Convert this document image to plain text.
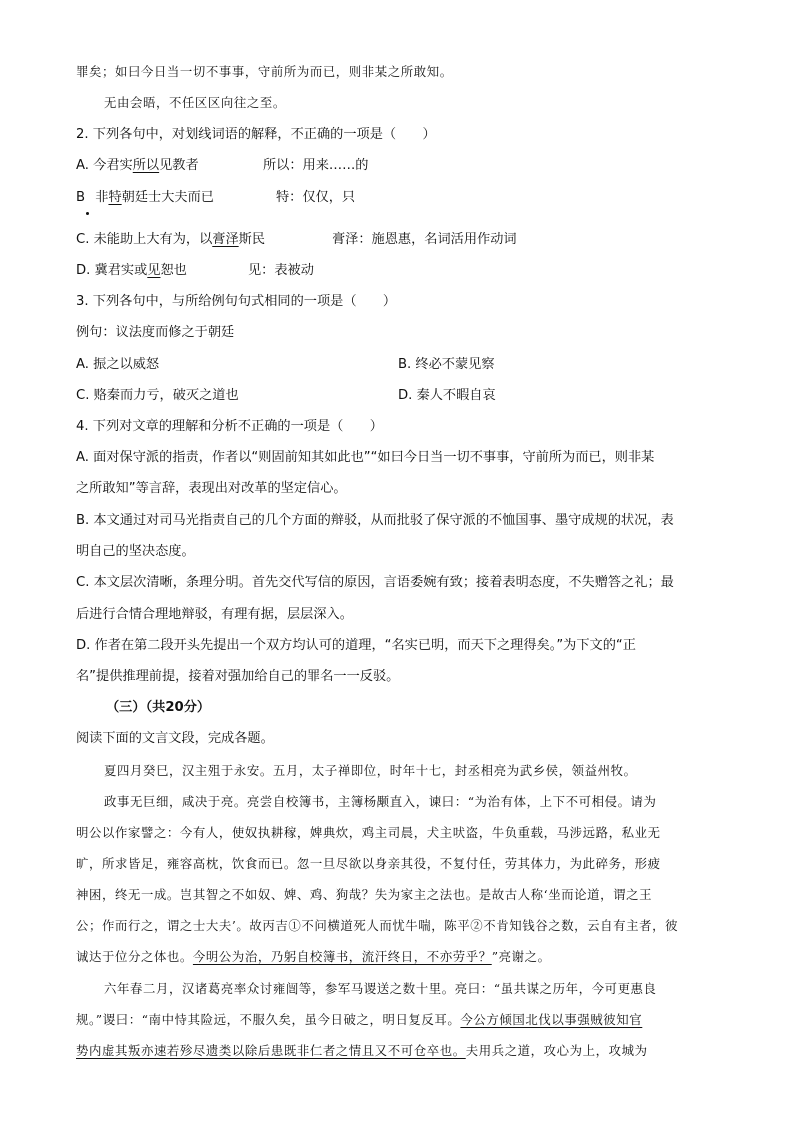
罪矣；如曰今日当一切不事事，守前所为而已，则非某之所敢知。
无由会晤，不任区区向往之至。
2. 下列各句中，对划线词语的解释，不正确的一项是（　　）
A. 今君实所以见教者	所以：用来……的
B 非特朝廷士大夫而已	特：仅仅，只
C. 未能助上大有为，以膏泽斯民	膏泽：施恩惠，名词活用作动词
D. 冀君实或见恕也	见：表被动
3. 下列各句中，与所给例句句式相同的一项是（　　）
例句：议法度而修之于朝廷
A. 振之以威怒	B. 终必不蒙见察
C. 赂秦而力亏，破灭之道也	D. 秦人不暇自哀
4. 下列对文章的理解和分析不正确的一项是（　　）
A. 面对保守派的指责，作者以“则固前知其如此也”“如曰今日当一切不事事，守前所为而已，则非某
之所敢知”等言辞，表现出对改革的坚定信心。
B. 本文通过对司马光指责自己的几个方面的辩驳，从而批驳了保守派的不恤国事、墨守成规的状况，表
明自己的坚决态度。
C. 本文层次清晰，条理分明。首先交代写信的原因，言语委婉有致；接着表明态度，不失赠答之礼；最
后进行合情合理地辩驳，有理有据，层层深入。
D. 作者在第二段开头先提出一个双方均认可的道理，“名实已明，而天下之理得矣。”为下文的“正
名”提供推理前提，接着对强加给自己的罪名一一反驳。
（三）（共20分）
阅读下面的文言文段，完成各题。
夏四月癸巳，汉主殂于永安。五月，太子禅即位，时年十七，封丞相亮为武乡侯，领益州牧。
政事无巨细，咸决于亮。亮尝自校簿书，主簿杨颙直入，谏曰：“为治有体，上下不可相侵。请为
明公以作家譬之：今有人，使奴执耕稼，婢典炊，鸡主司晨，犬主吠盗，牛负重载，马涉远路，私业无
旷，所求皆足，雍容高枕，饮食而已。忽一旦尽欲以身亲其役，不复付任，劳其体力，为此碎务，形疲
神困，终无一成。岂其智之不如奴、婢、鸡、狗哉？失为家主之法也。是故古人称‘坐而论道，谓之王
公；作而行之，谓之士大夫’。故丙吉①不问横道死人而忧牛喘，陈平②不肯知钱谷之数，云自有主者，彼
诚达于位分之体也。今明公为治，乃躬自校簿书，流汗终日，不亦劳乎？”亮谢之。
六年春二月，汉诸葛亮率众讨雍闿等，参军马谡送之数十里。亮曰：“虽共谋之历年，今可更惠良
规。”谡曰：“南中恃其险远，不服久矣，虽今日破之，明日复反耳。今公方倾国北伐以事强贼彼知官
势内虚其叛亦速若殄尽遗类以除后患既非仁者之情且又不可仓卒也。夫用兵之道，攻心为上，攻城为
